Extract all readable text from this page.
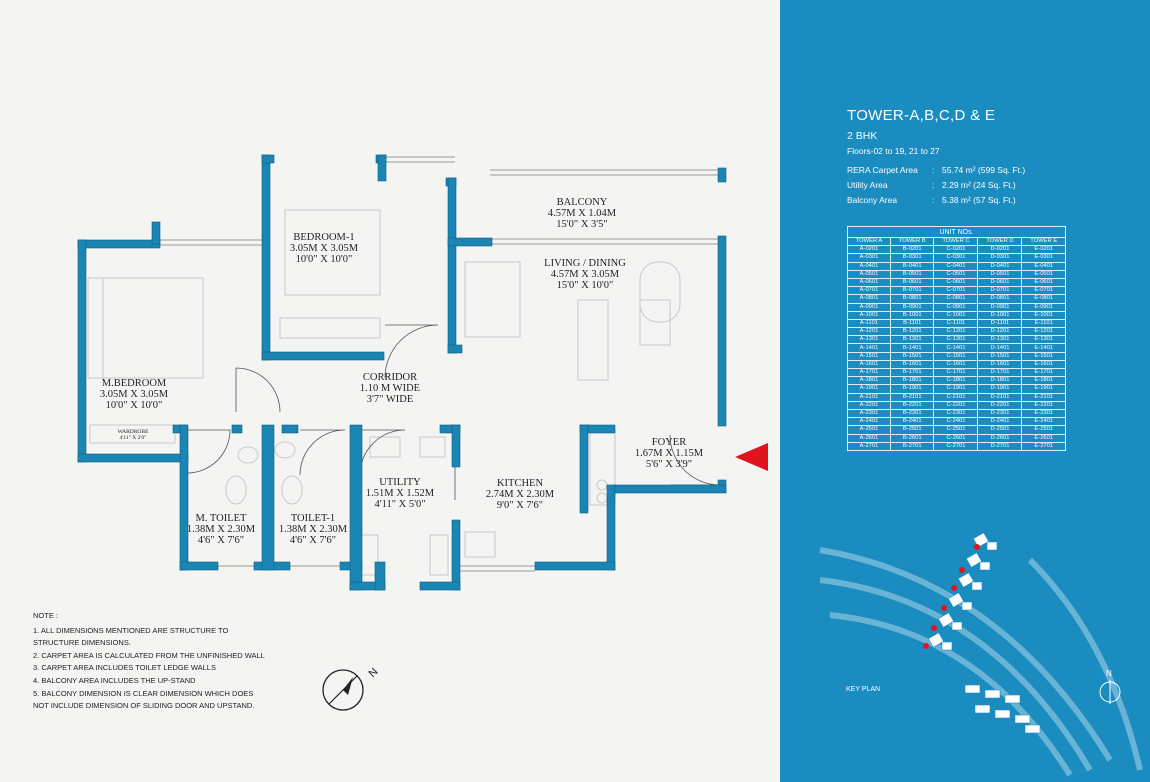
BEDROOM-1
3.05M X 3.05M
10'0" X 10'0"
BALCONY
4.57M X 1.04M
15'0" X 3'5"
LIVING / DINING
4.57M X 3.05M
15'0" X 10'0"
M.BEDROOM
3.05M X 3.05M
10'0" X 10'0"
WARDROBE
4'11" X 2'0"
CORRIDOR
1.10 M WIDE
3'7" WIDE
FOYER
1.67M X 1.15M
5'6" X 3'9"
UTILITY
1.51M X 1.52M
4'11" X 5'0"
KITCHEN
2.74M X 2.30M
9'0" X 7'6"
M. TOILET
1.38M X 2.30M
4'6" X 7'6"
TOILET-1
1.38M X 2.30M
4'6" X 7'6"
NOTE :
1. ALL DIMENSIONS MENTIONED ARE STRUCTURE TO
STRUCTURE DIMENSIONS.
2. CARPET AREA IS CALCULATED FROM THE UNFINISHED WALL
3. CARPET AREA INCLUDES TOILET LEDGE WALLS
4. BALCONY AREA INCLUDES THE UP-STAND
5. BALCONY DIMENSION IS CLEAR DIMENSION WHICH DOES
NOT INCLUDE DIMENSION OF SLIDING DOOR AND UPSTAND.
N
TOWER-A,B,C,D & E
2 BHK
Floors-02 to 19, 21 to 27
RERA Carpet Area	: 55.74 m² (599 Sq. Ft.)
Utility Area	: 2.29 m² (24 Sq. Ft.)
Balcony Area	: 5.38 m² (57 Sq. Ft.)
UNIT NOs.				
TOWER A	TOWER B	TOWER C	TOWER D	TOWER E
A-0201	B-0201	C-0201	D-0201	E-0201
A-0301	B-0301	C-0301	D-0301	E-0301
A-0401	B-0401	C-0401	D-0401	E-0401
A-0501	B-0501	C-0501	D-0501	E-0501
A-0601	B-0601	C-0601	D-0601	E-0601
A-0701	B-0701	C-0701	D-0701	E-0701
A-0801	B-0801	C-0801	D-0801	E-0801
A-0901	B-0901	C-0901	D-0901	E-0901
A-1001	B-1001	C-1001	D-1001	E-1001
A-1101	B-1101	C-1101	D-1101	E-1101
A-1201	B-1201	C-1201	D-1201	E-1201
A-1301	B-1301	C-1301	D-1301	E-1301
A-1401	B-1401	C-1401	D-1401	E-1401
A-1501	B-1501	C-1501	D-1501	E-1501
A-1601	B-1601	C-1601	D-1601	E-1601
A-1701	B-1701	C-1701	D-1701	E-1701
A-1801	B-1801	C-1801	D-1801	E-1801
A-1901	B-1901	C-1901	D-1901	E-1901
A-2101	B-2101	C-2101	D-2101	E-2101
A-2201	B-2201	C-2201	D-2201	E-2201
A-2301	B-2301	C-2301	D-2301	E-2301
A-2401	B-2401	C-2401	D-2401	E-2401
A-2501	B-2501	C-2501	D-2501	E-2501
A-2601	B-2601	C-2601	D-2601	E-2601
A-2701	B-2701	C-2701	D-2701	E-2701
N
KEY PLAN
